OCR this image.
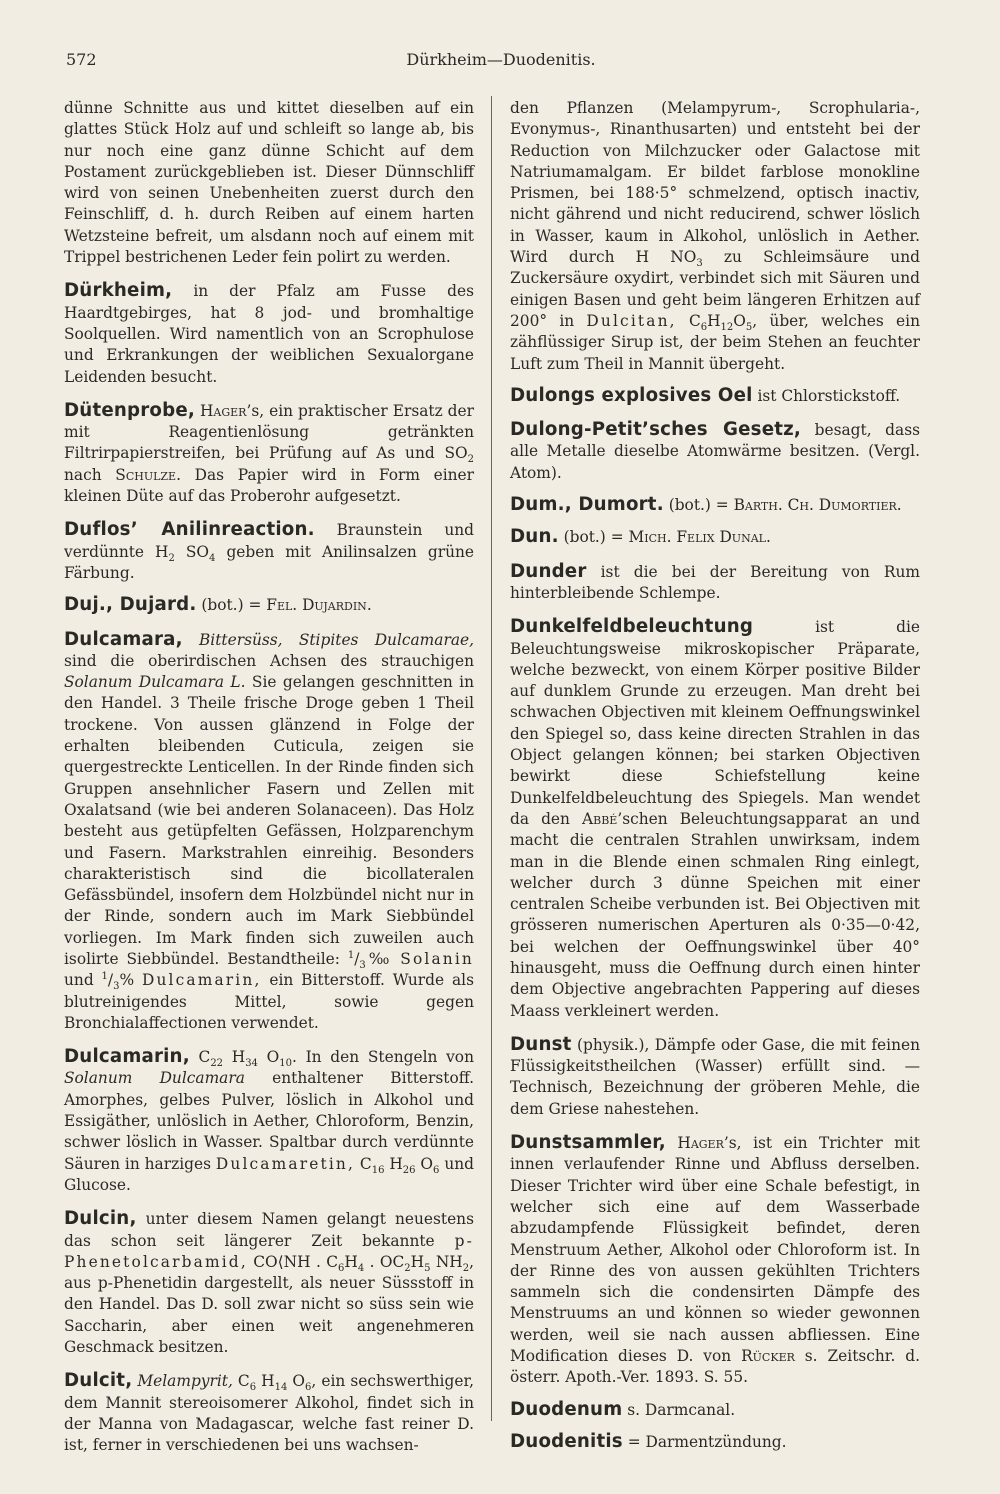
572	Dürkheim—Duodenitis.

dünne Schnitte aus und kittet dieselben auf ein glattes Stück Holz auf und schleift so lange ab, bis nur noch eine ganz dünne Schicht auf dem Postament zurückgeblieben ist. Dieser Dünnschliff wird von seinen Unebenheiten zuerst durch den Feinschliff, d. h. durch Reiben auf einem harten Wetzsteine befreit, um alsdann noch auf einem mit Trippel bestrichenen Leder fein polirt zu werden.

Dürkheim, in der Pfalz am Fusse des Haardtgebirges, hat 8 jod- und bromhaltige Soolquellen. Wird namentlich von an Scrophulose und Erkrankungen der weiblichen Sexualorgane Leidenden besucht.

Dütenprobe, Hager’s, ein praktischer Ersatz der mit Reagentienlösung getränkten Filtrirpapierstreifen, bei Prüfung auf As und $SO_2$ nach Schulze. Das Papier wird in Form einer kleinen Düte auf das Proberohr aufgesetzt.

Duflos’ Anilinreaction. Braunstein und verdünnte $H_2$ $SO_4$ geben mit Anilinsalzen grüne Färbung.

Duj., Dujard. (bot.) = Fel. Dujardin.

Dulcamara, Bittersüss, Stipites Dulcamarae, sind die oberirdischen Achsen des strauchigen Solanum Dulcamara L. Sie gelangen geschnitten in den Handel. 3 Theile frische Droge geben 1 Theil trockene. Von aussen glänzend in Folge der erhalten bleibenden Cuticula, zeigen sie quergestreckte Lenticellen. In der Rinde finden sich Gruppen ansehnlicher Fasern und Zellen mit Oxalatsand (wie bei anderen Solanaceen). Das Holz besteht aus getüpfelten Gefässen, Holzparenchym und Fasern. Markstrahlen einreihig. Besonders charakteristisch sind die bicollateralen Gefässbündel, insofern dem Holzbündel nicht nur in der Rinde, sondern auch im Mark Siebbündel vorliegen. Im Mark finden sich zuweilen auch isolirte Siebbündel. Bestandtheile: $^1/_3‰$ Solanin und $^1/_3\%$ Dulcamarin, ein Bitterstoff. Wurde als blutreinigendes Mittel, sowie gegen Bronchialaffectionen verwendet.

Dulcamarin, $C_{22}$ $H_{34}$ $O_{10}$. In den Stengeln von Solanum Dulcamara enthaltener Bitterstoff. Amorphes, gelbes Pulver, löslich in Alkohol und Essigäther, unlöslich in Aether, Chloroform, Benzin, schwer löslich in Wasser. Spaltbar durch verdünnte Säuren in harziges Dulcamaretin, $C_{16}$ $H_{26}$ $O_6$ und Glucose.

Dulcin, unter diesem Namen gelangt neuestens das schon seit längerer Zeit bekannte p-Phenetolcarbamid, CO⟨NH . $C_6H_4$ . $OC_2H_5$ $NH_2$, aus p-Phenetidin dargestellt, als neuer Süssstoff in den Handel. Das D. soll zwar nicht so süss sein wie Saccharin, aber einen weit angenehmeren Geschmack besitzen.

Dulcit, Melampyrit, $C_6$ $H_{14}$ $O_6$, ein sechswerthiger, dem Mannit stereoisomerer Alkohol, findet sich in der Manna von Madagascar, welche fast reiner D. ist, ferner in verschiedenen bei uns wachsen-

den Pflanzen (Melampyrum-, Scrophularia-, Evonymus-, Rinanthusarten) und entsteht bei der Reduction von Milchzucker oder Galactose mit Natriumamalgam. Er bildet farblose monokline Prismen, bei 188·5° schmelzend, optisch inactiv, nicht gährend und nicht reducirend, schwer löslich in Wasser, kaum in Alkohol, unlöslich in Aether. Wird durch H $NO_3$ zu Schleimsäure und Zuckersäure oxydirt, verbindet sich mit Säuren und einigen Basen und geht beim längeren Erhitzen auf 200° in Dulcitan, $C_6H_{12}O_5$, über, welches ein zähflüssiger Sirup ist, der beim Stehen an feuchter Luft zum Theil in Mannit übergeht.

Dulongs explosives Oel ist Chlorstickstoff.

Dulong-Petit’sches Gesetz, besagt, dass alle Metalle dieselbe Atomwärme besitzen. (Vergl. Atom).

Dum., Dumort. (bot.) = Barth. Ch. Dumortier.

Dun. (bot.) = Mich. Felix Dunal.

Dunder ist die bei der Bereitung von Rum hinterbleibende Schlempe.

Dunkelfeldbeleuchtung ist die Beleuchtungsweise mikroskopischer Präparate, welche bezweckt, von einem Körper positive Bilder auf dunklem Grunde zu erzeugen. Man dreht bei schwachen Objectiven mit kleinem Oeffnungswinkel den Spiegel so, dass keine directen Strahlen in das Object gelangen können; bei starken Objectiven bewirkt diese Schiefstellung keine Dunkelfeldbeleuchtung des Spiegels. Man wendet da den Abbé’schen Beleuchtungsapparat an und macht die centralen Strahlen unwirksam, indem man in die Blende einen schmalen Ring einlegt, welcher durch 3 dünne Speichen mit einer centralen Scheibe verbunden ist. Bei Objectiven mit grösseren numerischen Aperturen als 0·35—0·42, bei welchen der Oeffnungswinkel über 40° hinausgeht, muss die Oeffnung durch einen hinter dem Objective angebrachten Pappering auf dieses Maass verkleinert werden.

Dunst (physik.), Dämpfe oder Gase, die mit feinen Flüssigkeitstheilchen (Wasser) erfüllt sind. — Technisch, Bezeichnung der gröberen Mehle, die dem Griese nahestehen.

Dunstsammler, Hager’s, ist ein Trichter mit innen verlaufender Rinne und Abfluss derselben. Dieser Trichter wird über eine Schale befestigt, in welcher sich eine auf dem Wasserbade abzudampfende Flüssigkeit befindet, deren Menstruum Aether, Alkohol oder Chloroform ist. In der Rinne des von aussen gekühlten Trichters sammeln sich die condensirten Dämpfe des Menstruums an und können so wieder gewonnen werden, weil sie nach aussen abfliessen. Eine Modification dieses D. von Rücker s. Zeitschr. d. österr. Apoth.-Ver. 1893. S. 55.

Duodenum s. Darmcanal.

Duodenitis = Darmentzündung.
